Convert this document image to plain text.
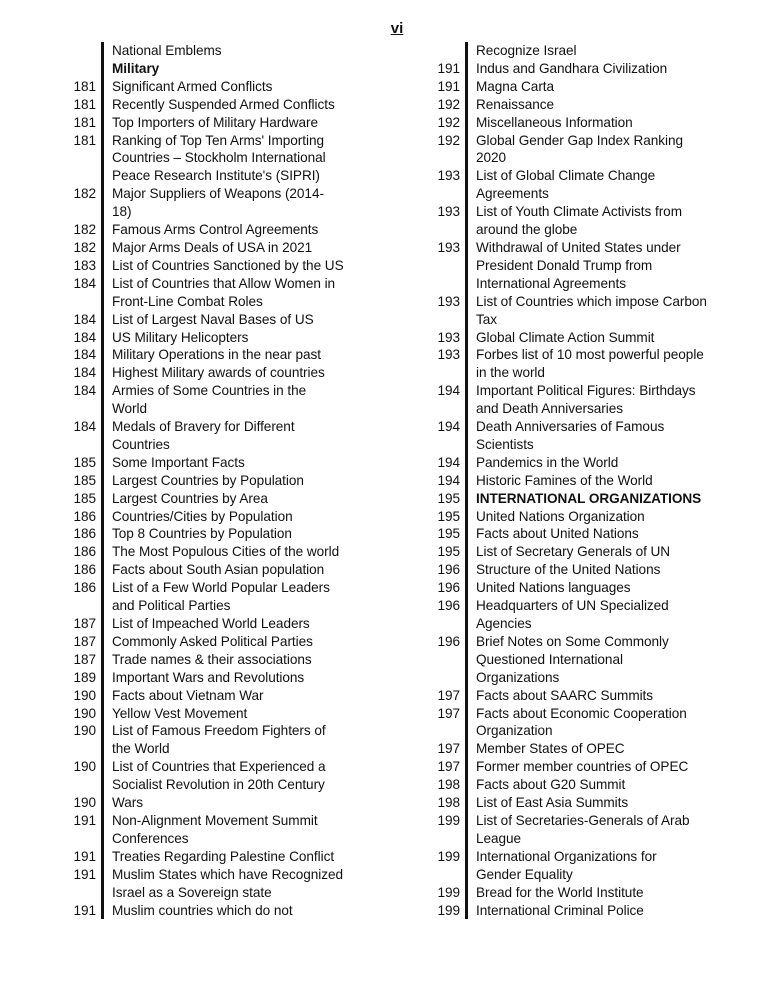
vi
National Emblems
Military
181	Significant Armed Conflicts
181	Recently Suspended Armed Conflicts
181	Top Importers of Military Hardware
181	Ranking of Top Ten Arms' Importing
Countries – Stockholm International
Peace Research Institute's (SIPRI)
182	Major Suppliers of Weapons (2014-
18)
182	Famous Arms Control Agreements
182	Major Arms Deals of USA in 2021
183	List of Countries Sanctioned by the US
184	List of Countries that Allow Women in
Front-Line Combat Roles
184	List of Largest Naval Bases of US
184	US Military Helicopters
184	Military Operations in the near past
184	Highest Military awards of countries
184	Armies of Some Countries in the
World
184	Medals of Bravery for Different
Countries
185	Some Important Facts
185	Largest Countries by Population
185	Largest Countries by Area
186	Countries/Cities by Population
186	Top 8 Countries by Population
186	The Most Populous Cities of the world
186	Facts about South Asian population
186	List of a Few World Popular Leaders
and Political Parties
187	List of Impeached World Leaders
187	Commonly Asked Political Parties
187	Trade names & their associations
189	Important Wars and Revolutions
190	Facts about Vietnam War
190	Yellow Vest Movement
190	List of Famous Freedom Fighters of
the World
190	List of Countries that Experienced a
Socialist Revolution in 20th Century
190	Wars
191	Non-Alignment Movement Summit
Conferences
191	Treaties Regarding Palestine Conflict
191	Muslim States which have Recognized
Israel as a Sovereign state
191	Muslim countries which do not
Recognize Israel
191	Indus and Gandhara Civilization
191	Magna Carta
192	Renaissance
192	Miscellaneous Information
192	Global Gender Gap Index Ranking
2020
193	List of Global Climate Change
Agreements
193	List of Youth Climate Activists from
around the globe
193	Withdrawal of United States under
President Donald Trump from
International Agreements
193	List of Countries which impose Carbon
Tax
193	Global Climate Action Summit
193	Forbes list of 10 most powerful people
in the world
194	Important Political Figures: Birthdays
and Death Anniversaries
194	Death Anniversaries of Famous
Scientists
194	Pandemics in the World
194	Historic Famines of the World
195	INTERNATIONAL ORGANIZATIONS
195	United Nations Organization
195	Facts about United Nations
195	List of Secretary Generals of UN
196	Structure of the United Nations
196	United Nations languages
196	Headquarters of UN Specialized
Agencies
196	Brief Notes on Some Commonly
Questioned International
Organizations
197	Facts about SAARC Summits
197	Facts about Economic Cooperation
Organization
197	Member States of OPEC
197	Former member countries of OPEC
198	Facts about G20 Summit
198	List of East Asia Summits
199	List of Secretaries-Generals of Arab
League
199	International Organizations for
Gender Equality
199	Bread for the World Institute
199	International Criminal Police
